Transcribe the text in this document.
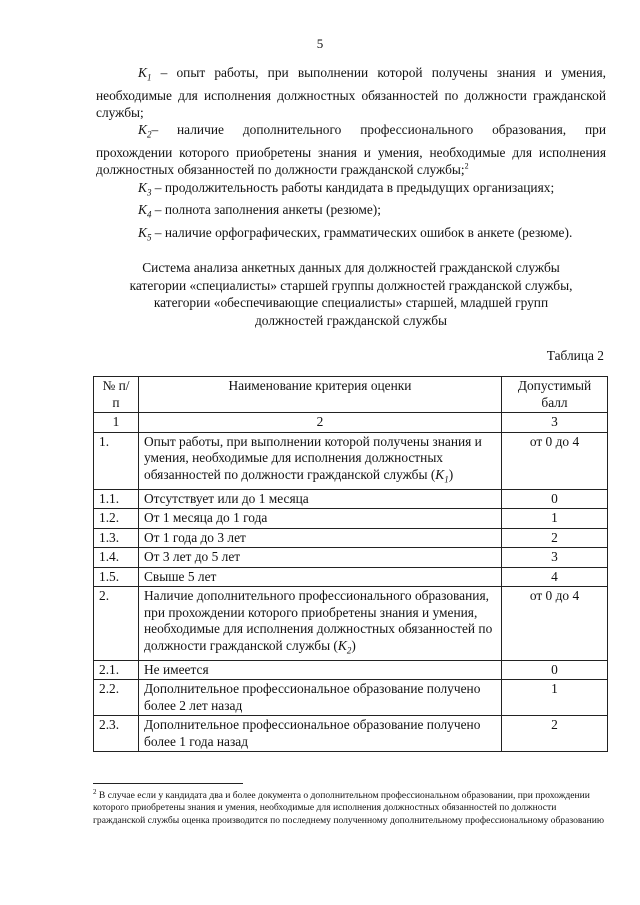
5

$K_1$ – опыт работы, при выполнении которой получены знания и умения, необходимые для исполнения должностных обязанностей по должности гражданской службы;

$K_2-$ наличие дополнительного профессионального образования, при прохождении которого приобретены знания и умения, необходимые для исполнения должностных обязанностей по должности гражданской службы;$^2$

$K_3$ – продолжительность работы кандидата в предыдущих организациях;

$K_4$ – полнота заполнения анкеты (резюме);

$K_5$ – наличие орфографических, грамматических ошибок в анкете (резюме).

Система анализа анкетных данных для должностей гражданской службы
категории «специалисты» старшей группы должностей гражданской службы,
категории «обеспечивающие специалисты» старшей, младшей групп
должностей гражданской службы
Таблица 2
№ п/п	Наименование критерия оценки	Допустимый балл
1	2	3
1.	Опыт работы, при выполнении которой получены знания и умения, необходимые для исполнения должностных обязанностей по должности гражданской службы $(K_1)$	от 0 до 4
1.1.	Отсутствует или до 1 месяца	0
1.2.	От 1 месяца до 1 года	1
1.3.	От 1 года до 3 лет	2
1.4.	От 3 лет до 5 лет	3
1.5.	Свыше 5 лет	4
2.	Наличие дополнительного профессионального образования, при прохождении которого приобретены знания и умения, необходимые для исполнения должностных обязанностей по должности гражданской службы $(K_2)$	от 0 до 4
2.1.	Не имеется	0
2.2.	Дополнительное профессиональное образование получено более 2 лет назад	1
2.3.	Дополнительное профессиональное образование получено более 1 года назад	2
$^2$ В случае если у кандидата два и более документа о дополнительном профессиональном образовании, при прохождении которого приобретены знания и умения, необходимые для исполнения должностных обязанностей по должности гражданской службы оценка производится по последнему полученному дополнительному профессиональному образованию
